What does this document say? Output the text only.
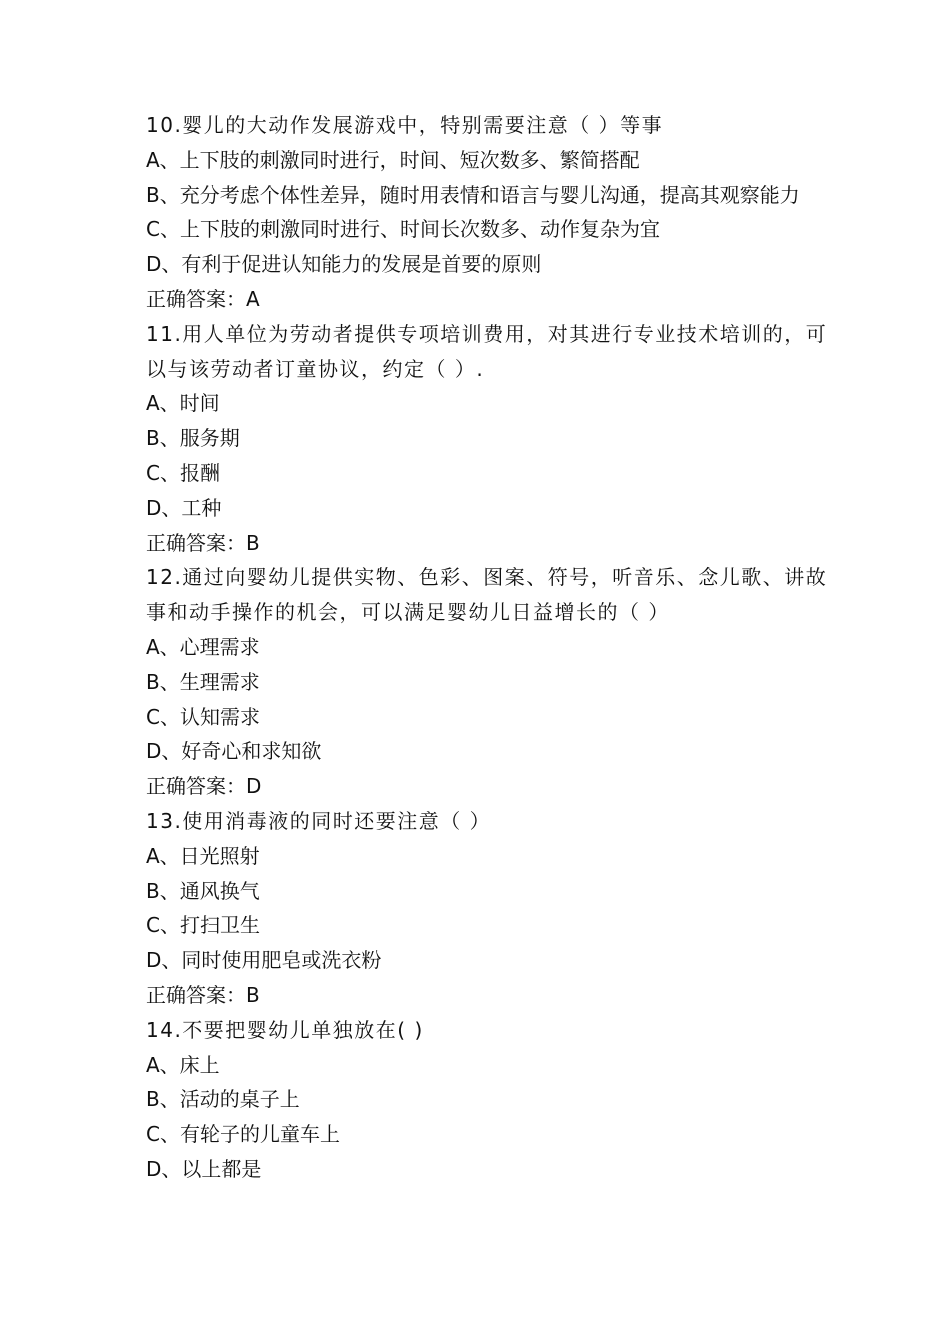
10.婴儿的大动作发展游戏中，特别需要注意（ ）等事

A、上下肢的刺激同时进行，时间、短次数多、繁简搭配

B、充分考虑个体性差异，随时用表情和语言与婴儿沟通，提高其观察能力

C、上下肢的刺激同时进行、时间长次数多、动作复杂为宜

D、有利于促进认知能力的发展是首要的原则

正确答案：A

11.用人单位为劳动者提供专项培训费用，对其进行专业技术培训的，可以与该劳动者订童协议，约定（ ）.

A、时间

B、服务期

C、报酬

D、工种

正确答案：B

12.通过向婴幼儿提供实物、色彩、图案、符号，听音乐、念儿歌、讲故事和动手操作的机会，可以满足婴幼儿日益增长的（ ）

A、心理需求

B、生理需求

C、认知需求

D、好奇心和求知欲

正确答案：D

13.使用消毒液的同时还要注意（ ）

A、日光照射

B、通风换气

C、打扫卫生

D、同时使用肥皂或洗衣粉

正确答案：B

14.不要把婴幼儿单独放在( )

A、床上

B、活动的桌子上

C、有轮子的儿童车上

D、以上都是
